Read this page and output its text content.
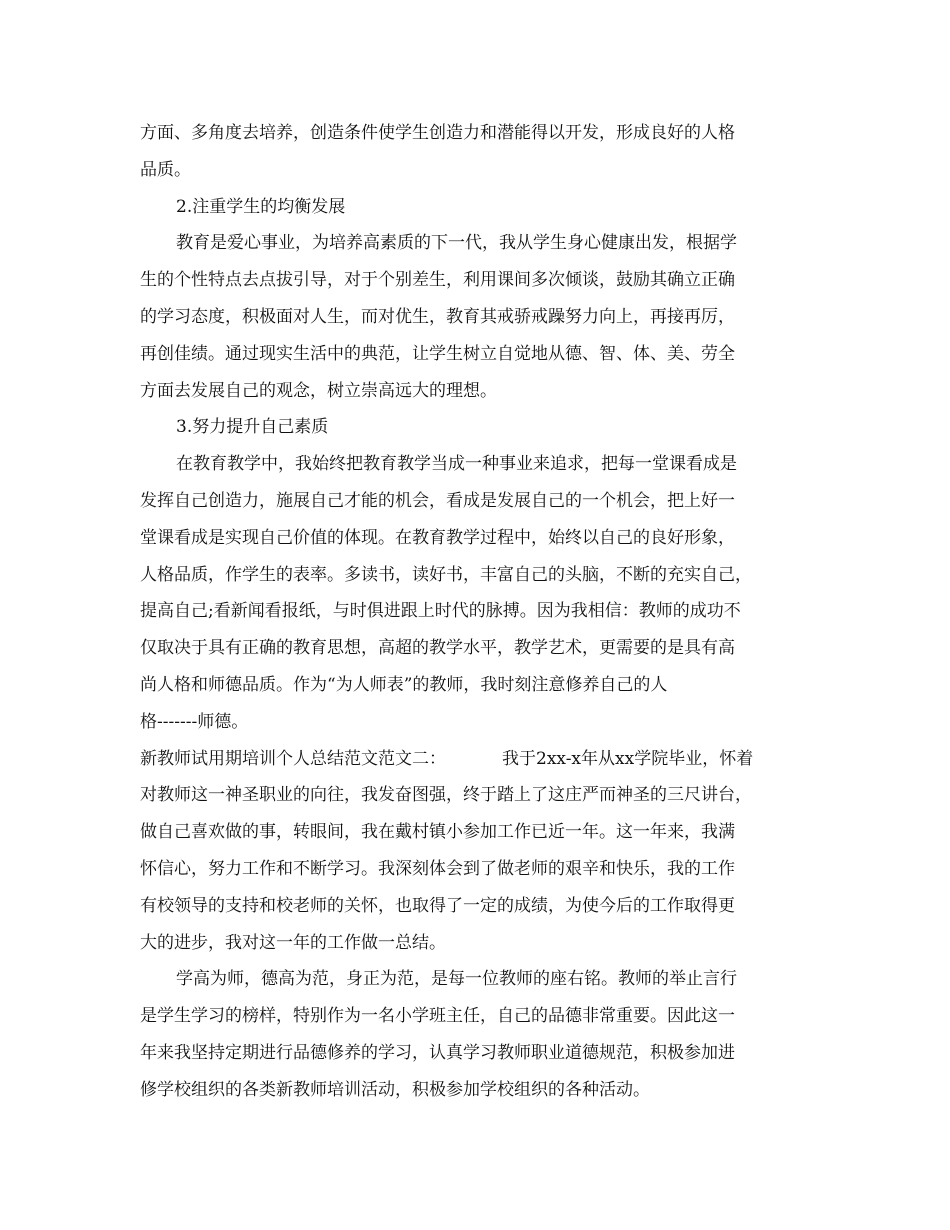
方面、多角度去培养，创造条件使学生创造力和潜能得以开发，形成良好的人格
品质。
2.注重学生的均衡发展
教育是爱心事业，为培养高素质的下一代，我从学生身心健康出发，根据学
生的个性特点去点拔引导，对于个别差生，利用课间多次倾谈，鼓励其确立正确
的学习态度，积极面对人生，而对优生，教育其戒骄戒躁努力向上，再接再厉，
再创佳绩。通过现实生活中的典范，让学生树立自觉地从德、智、体、美、劳全
方面去发展自己的观念，树立崇高远大的理想。
3.努力提升自己素质
在教育教学中，我始终把教育教学当成一种事业来追求，把每一堂课看成是
发挥自己创造力，施展自己才能的机会，看成是发展自己的一个机会，把上好一
堂课看成是实现自己价值的体现。在教育教学过程中，始终以自己的良好形象，
人格品质，作学生的表率。多读书，读好书，丰富自己的头脑，不断的充实自己，
提高自己;看新闻看报纸，与时俱进跟上时代的脉搏。因为我相信：教师的成功不
仅取决于具有正确的教育思想，高超的教学水平，教学艺术，更需要的是具有高
尚人格和师德品质。作为“为人师表”的教师，我时刻注意修养自己的人
格-------师德。
新教师试用期培训个人总结范文范文二：	我于2xx-x年从xx学院毕业，怀着
对教师这一神圣职业的向往，我发奋图强，终于踏上了这庄严而神圣的三尺讲台，
做自己喜欢做的事，转眼间，我在戴村镇小参加工作已近一年。这一年来，我满
怀信心，努力工作和不断学习。我深刻体会到了做老师的艰辛和快乐，我的工作
有校领导的支持和校老师的关怀，也取得了一定的成绩，为使今后的工作取得更
大的进步，我对这一年的工作做一总结。
学高为师，德高为范，身正为范，是每一位教师的座右铭。教师的举止言行
是学生学习的榜样，特别作为一名小学班主任，自己的品德非常重要。因此这一
年来我坚持定期进行品德修养的学习，认真学习教师职业道德规范，积极参加进
修学校组织的各类新教师培训活动，积极参加学校组织的各种活动。
